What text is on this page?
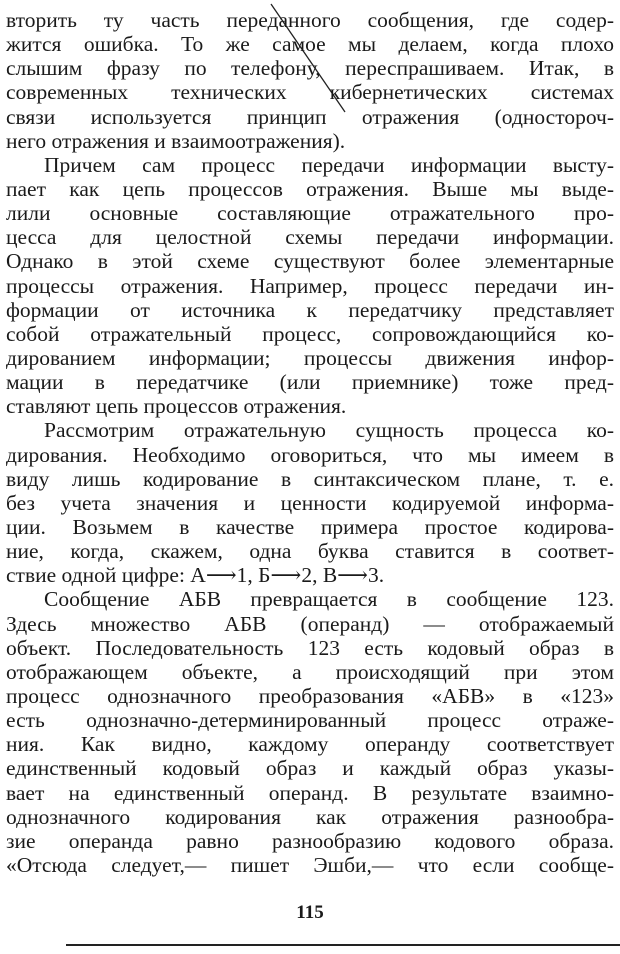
вторить ту часть переданного сообщения, где содер-
жится ошибка. То же самое мы делаем, когда плохо
слышим фразу по телефону, переспрашиваем. Итак, в
современных технических кибернетических системах
связи используется принцип отражения (одностороч-
него отражения и взаимоотражения).
Причем сам процесс передачи информации высту-
пает как цепь процессов отражения. Выше мы выде-
лили основные составляющие отражательного про-
цесса для целостной схемы передачи информации.
Однако в этой схеме существуют более элементарные
процессы отражения. Например, процесс передачи ин-
формации от источника к передатчику представляет
собой отражательный процесс, сопровождающийся ко-
дированием информации; процессы движения инфор-
мации в передатчике (или приемнике) тоже пред-
ставляют цепь процессов отражения.
Рассмотрим отражательную сущность процесса ко-
дирования. Необходимо оговориться, что мы имеем в
виду лишь кодирование в синтаксическом плане, т. е.
без учета значения и ценности кодируемой информа-
ции. Возьмем в качестве примера простое кодирова-
ние, когда, скажем, одна буква ставится в соответ-
ствие одной цифре: А⟶1, Б⟶2, В⟶3.
Сообщение АБВ превращается в сообщение 123.
Здесь множество АБВ (операнд) — отображаемый
объект. Последовательность 123 есть кодовый образ в
отображающем объекте, а происходящий при этом
процесс однозначного преобразования «АБВ» в «123»
есть однозначно-детерминированный процесс отраже-
ния. Как видно, каждому операнду соответствует
единственный кодовый образ и каждый образ указы-
вает на единственный операнд. В результате взаимно-
однозначного кодирования как отражения разнообра-
зие операнда равно разнообразию кодового образа.
«Отсюда следует,— пишет Эшби,— что если сообще-
115
